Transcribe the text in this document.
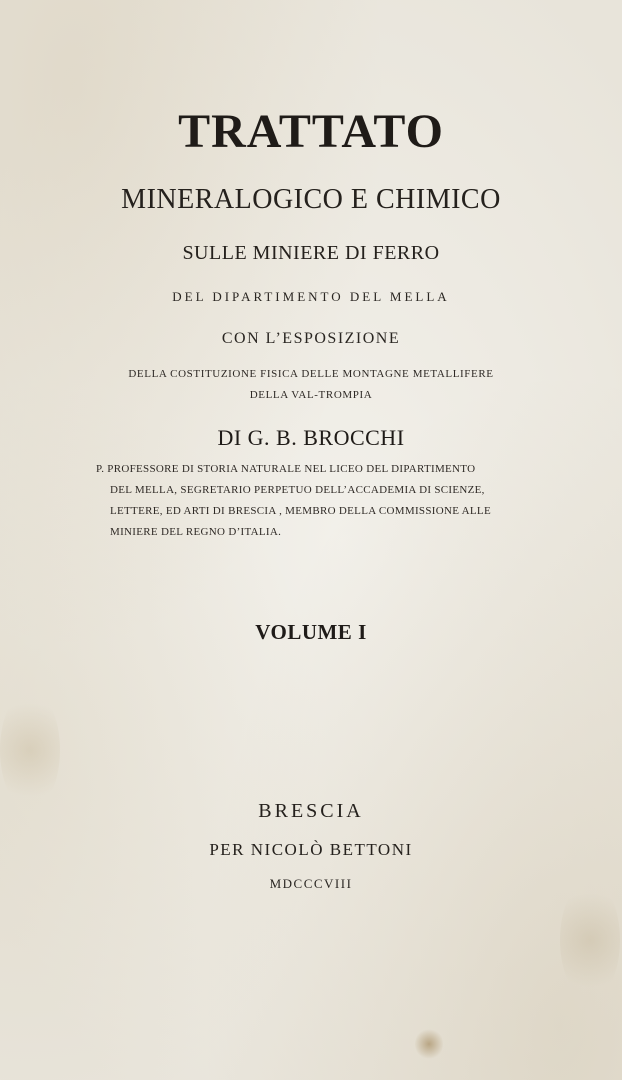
TRATTATO
MINERALOGICO E CHIMICO
SULLE MINIERE DI FERRO
DEL DIPARTIMENTO DEL MELLA
CON L’ESPOSIZIONE
DELLA COSTITUZIONE FISICA DELLE MONTAGNE METALLIFERE
DELLA VAL-TROMPIA
DI G. B. BROCCHI
P. PROFESSORE DI STORIA NATURALE NEL LICEO DEL DIPARTIMENTO
DEL MELLA, SEGRETARIO PERPETUO DELL’ACCADEMIA DI SCIENZE,
LETTERE, ED ARTI DI BRESCIA , MEMBRO DELLA COMMISSIONE ALLE
MINIERE DEL REGNO D’ITALIA.
VOLUME I
BRESCIA
PER NICOLÒ BETTONI
MDCCCVIII
